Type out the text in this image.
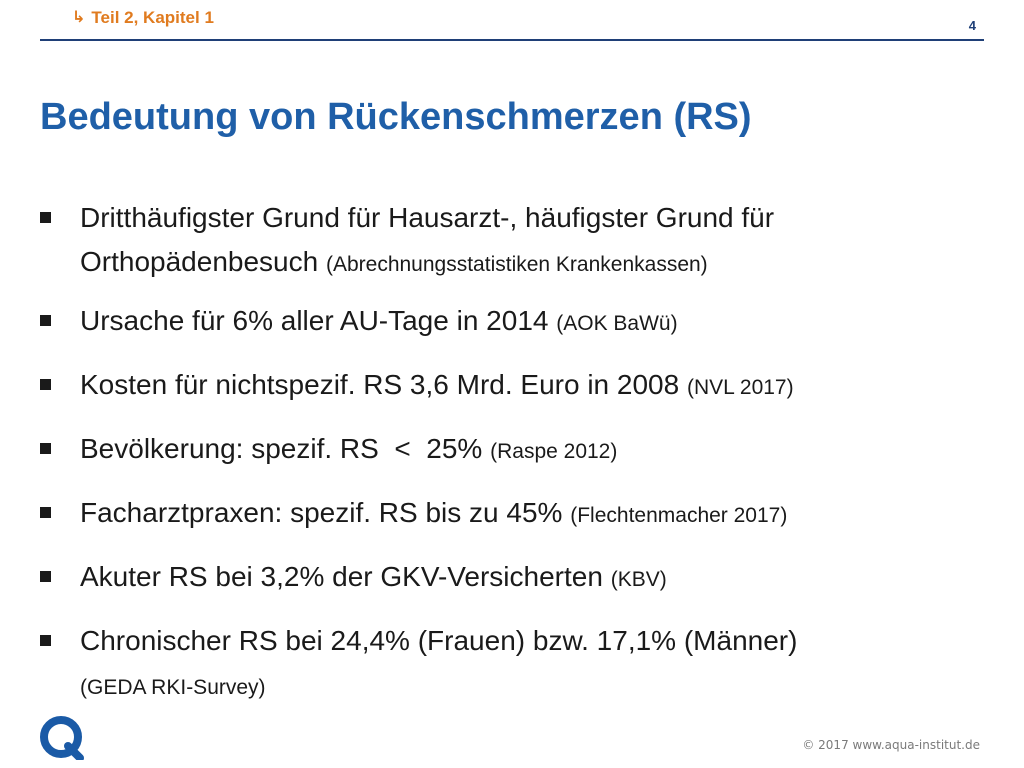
↳ Teil 2, Kapitel 1	4
Bedeutung von Rückenschmerzen (RS)
Dritthäufigster Grund für Hausarzt-, häufigster Grund für Orthopädenbesuch (Abrechnungsstatistiken Krankenkassen)
Ursache für 6% aller AU-Tage in 2014 (AOK BaWü)
Kosten für nichtspezif. RS 3,6 Mrd. Euro in 2008 (NVL 2017)
Bevölkerung: spezif. RS  <  25% (Raspe 2012)
Facharztpraxen: spezif. RS bis zu 45% (Flechtenmacher 2017)
Akuter RS bei 3,2% der GKV-Versicherten (KBV)
Chronischer RS bei 24,4% (Frauen) bzw. 17,1% (Männer)
(GEDA RKI-Survey)
© 2017 www.aqua-institut.de
